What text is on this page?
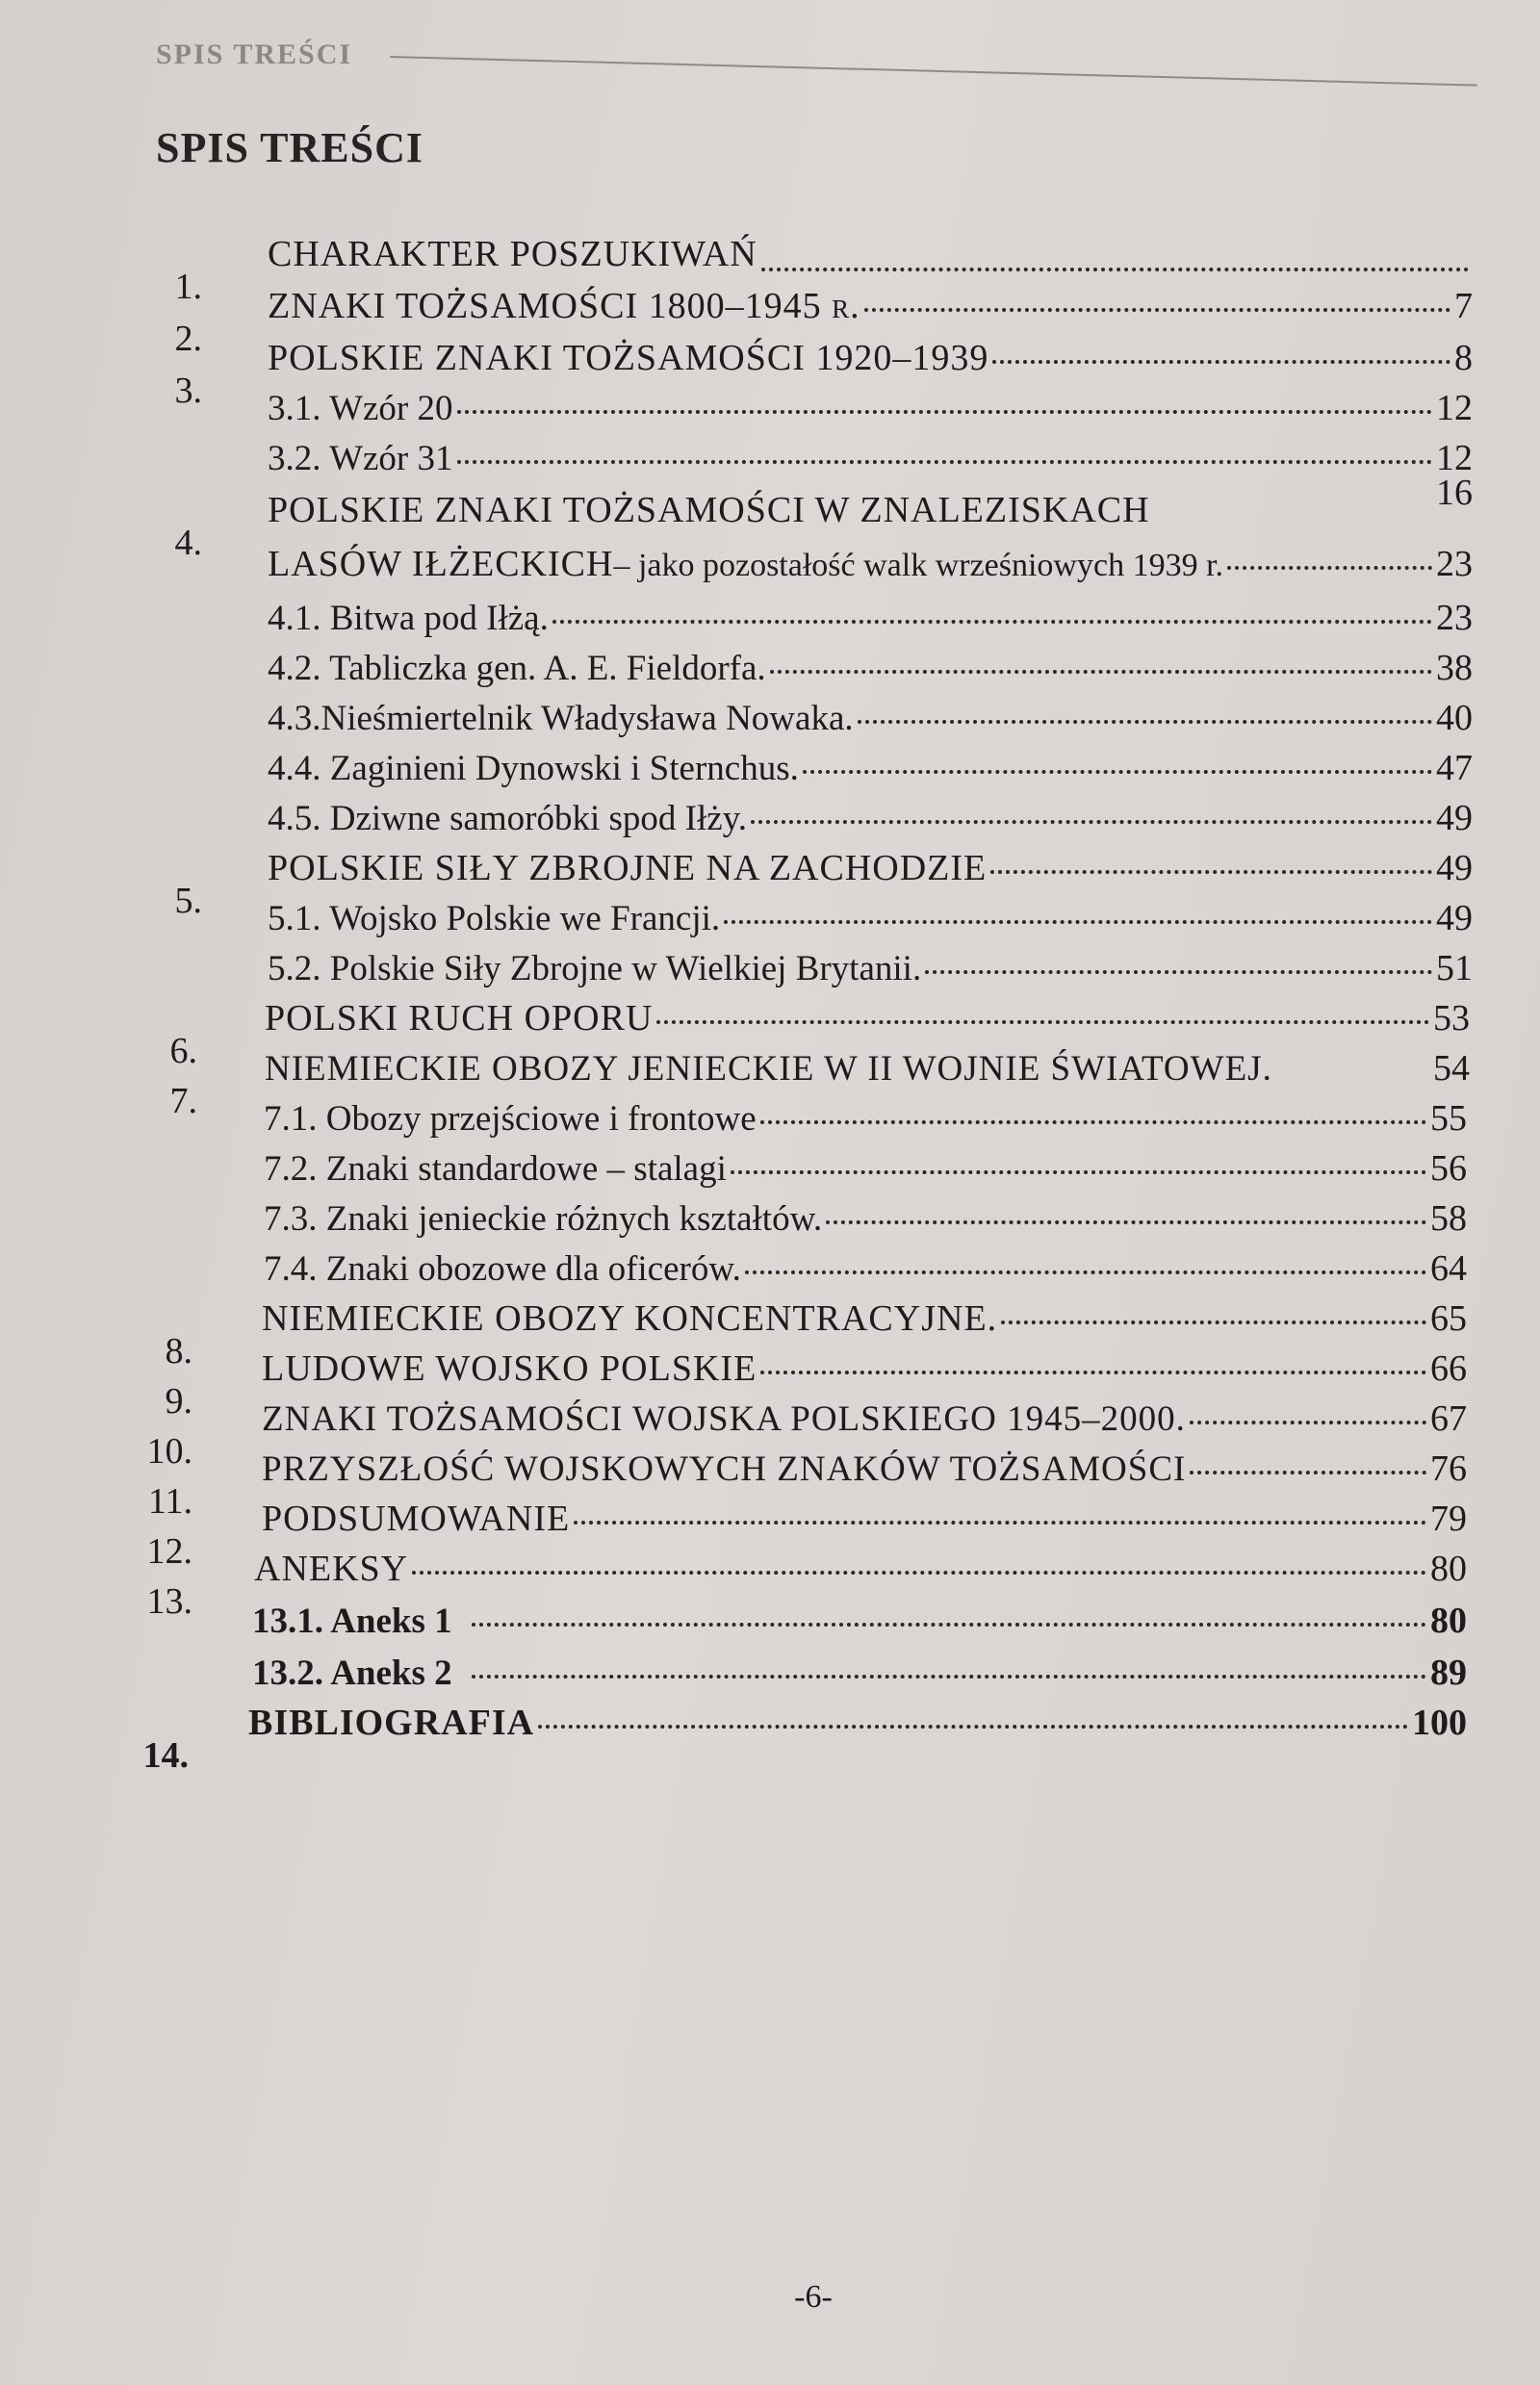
SPIS TREŚCI
SPIS TREŚCI
1.
CHARAKTER POSZUKIWAŃ
2.
ZNAKI TOŻSAMOŚCI 1800–1945 r.	7
3.
POLSKIE ZNAKI TOŻSAMOŚCI 1920–1939	8
3.1. Wzór 20	12
3.2. Wzór 31	12
4.
POLSKIE ZNAKI TOŻSAMOŚCI W ZNALEZISKACH	16
LASÓW IŁŻECKICH – jako pozostałość walk wrześniowych 1939 r.	23
4.1. Bitwa pod Iłżą.	23
4.2. Tabliczka gen. A. E. Fieldorfa.	38
4.3.Nieśmiertelnik Władysława Nowaka.	40
4.4. Zaginieni Dynowski i Sternchus.	47
4.5. Dziwne samoróbki spod Iłży.	49
5.
POLSKIE SIŁY ZBROJNE NA ZACHODZIE	49
5.1. Wojsko Polskie we Francji.	49
5.2. Polskie Siły Zbrojne w Wielkiej Brytanii.	51
6.
POLSKI RUCH OPORU	53
7.
NIEMIECKIE OBOZY JENIECKIE W II WOJNIE ŚWIATOWEJ.	54
7.1. Obozy przejściowe i frontowe	55
7.2. Znaki standardowe – stalagi	56
7.3. Znaki jenieckie różnych kształtów.	58
7.4. Znaki obozowe dla oficerów.	64
8.
NIEMIECKIE OBOZY KONCENTRACYJNE.	65
9.
LUDOWE WOJSKO POLSKIE	66
10.
ZNAKI TOŻSAMOŚCI WOJSKA POLSKIEGO 1945–2000.	67
11.
PRZYSZŁOŚĆ WOJSKOWYCH ZNAKÓW TOŻSAMOŚCI	76
12.
PODSUMOWANIE	79
13.
ANEKSY	80
13.1. Aneks 1	80
13.2. Aneks 2	89
14.
BIBLIOGRAFIA	100
-6-
